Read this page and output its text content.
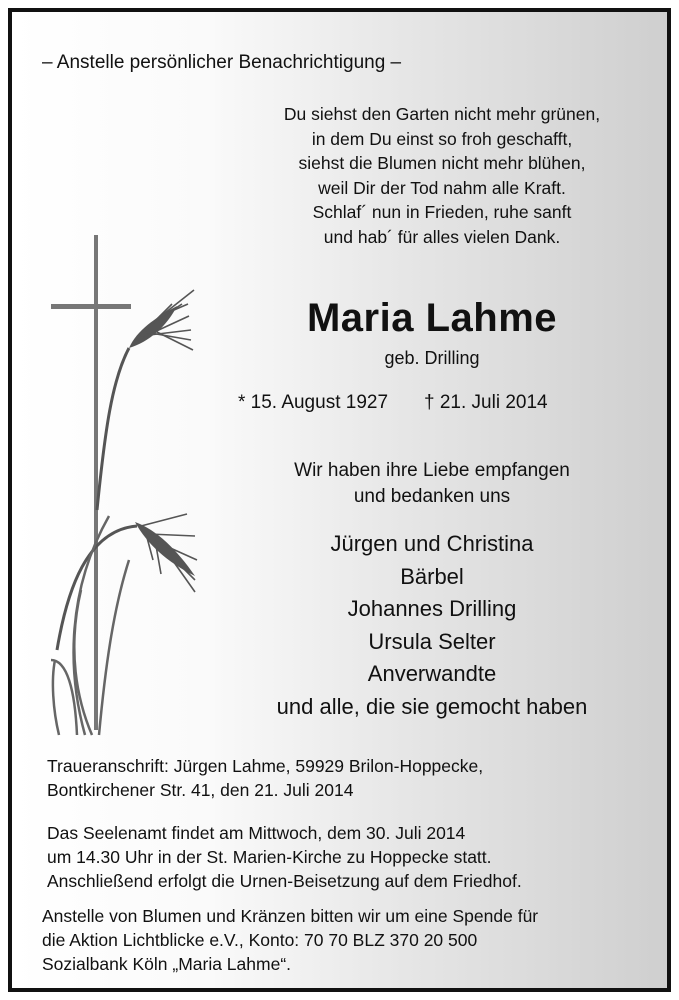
– Anstelle persönlicher Benachrichtigung –
Du siehst den Garten nicht mehr grünen,
in dem Du einst so froh geschafft,
siehst die Blumen nicht mehr blühen,
weil Dir der Tod nahm alle Kraft.
Schlaf´ nun in Frieden, ruhe sanft
und hab´ für alles vielen Dank.
Maria Lahme
geb. Drilling
* 15. August 1927 † 21. Juli 2014
Wir haben ihre Liebe empfangen
und bedanken uns
Jürgen und Christina
Bärbel
Johannes Drilling
Ursula Selter
Anverwandte
und alle, die sie gemocht haben
Traueranschrift: Jürgen Lahme, 59929 Brilon-Hoppecke,
Bontkirchener Str. 41, den 21. Juli 2014
Das Seelenamt findet am Mittwoch, dem 30. Juli 2014
um 14.30 Uhr in der St. Marien-Kirche zu Hoppecke statt.
Anschließend erfolgt die Urnen-Beisetzung auf dem Friedhof.
Anstelle von Blumen und Kränzen bitten wir um eine Spende für
die Aktion Lichtblicke e.V., Konto: 70 70 BLZ 370 20 500
Sozialbank Köln „Maria Lahme“.
